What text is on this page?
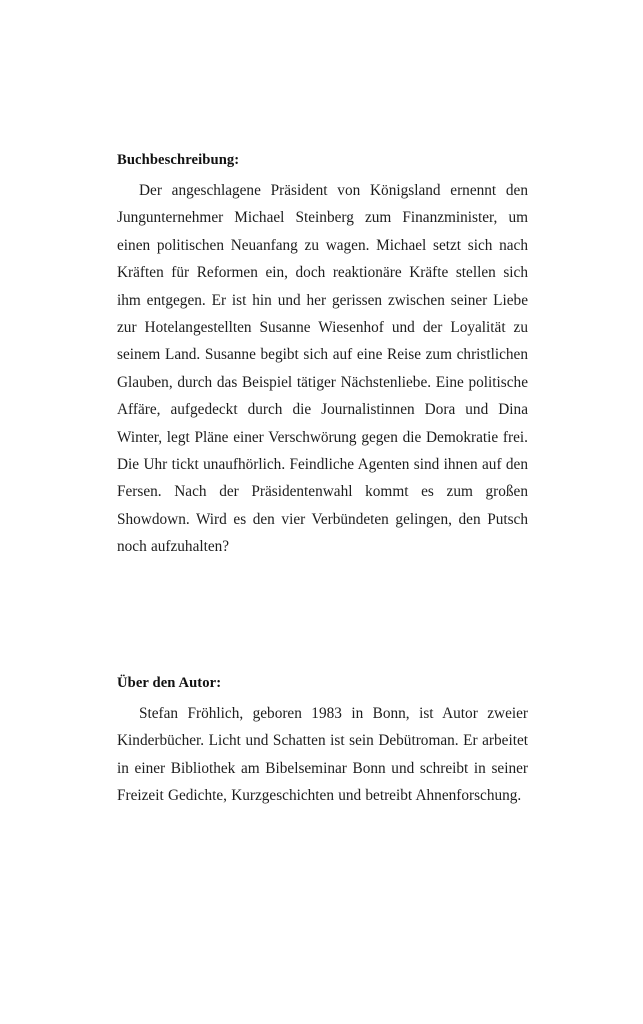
Buchbeschreibung:

Der angeschlagene Präsident von Königsland ernennt den Jungunternehmer Michael Steinberg zum Finanzminister, um einen politischen Neuanfang zu wagen. Michael setzt sich nach Kräften für Reformen ein, doch reaktionäre Kräfte stellen sich ihm entgegen. Er ist hin und her gerissen zwischen seiner Liebe zur Hotelangestellten Susanne Wiesenhof und der Loyalität zu seinem Land. Susanne begibt sich auf eine Reise zum christlichen Glauben, durch das Beispiel tätiger Nächstenliebe. Eine politische Affäre, aufgedeckt durch die Journalistinnen Dora und Dina Winter, legt Pläne einer Verschwörung gegen die Demokratie frei. Die Uhr tickt unaufhörlich. Feindliche Agenten sind ihnen auf den Fersen. Nach der Präsidentenwahl kommt es zum großen Showdown. Wird es den vier Verbündeten gelingen, den Putsch noch aufzuhalten?

Über den Autor:

Stefan Fröhlich, geboren 1983 in Bonn, ist Autor zweier Kinderbücher. Licht und Schatten ist sein Debütroman. Er arbeitet in einer Bibliothek am Bibelseminar Bonn und schreibt in seiner Freizeit Gedichte, Kurzgeschichten und betreibt Ahnenforschung.
